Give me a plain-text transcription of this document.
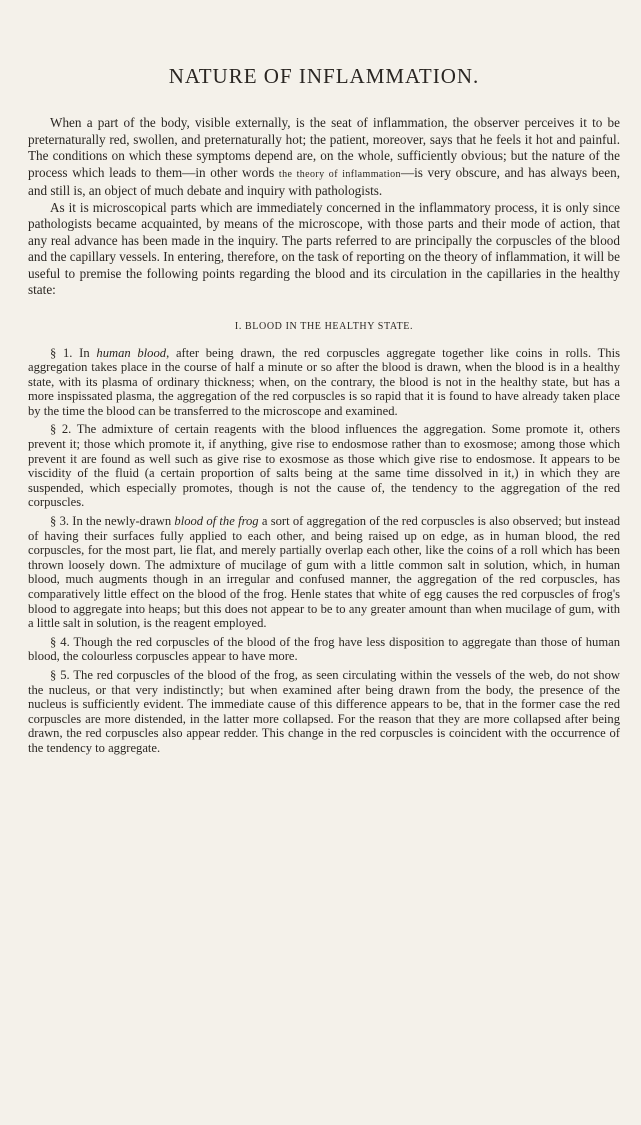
NATURE OF INFLAMMATION.

When a part of the body, visible externally, is the seat of inflammation, the observer perceives it to be preternaturally red, swollen, and preternaturally hot; the patient, moreover, says that he feels it hot and painful. The conditions on which these symptoms depend are, on the whole, sufficiently obvious; but the nature of the process which leads to them—in other words the theory of inflammation—is very obscure, and has always been, and still is, an object of much debate and inquiry with pathologists.

As it is microscopical parts which are immediately concerned in the inflammatory process, it is only since pathologists became acquainted, by means of the microscope, with those parts and their mode of action, that any real advance has been made in the inquiry. The parts referred to are principally the corpuscles of the blood and the capillary vessels. In entering, therefore, on the task of reporting on the theory of inflammation, it will be useful to premise the following points regarding the blood and its circulation in the capillaries in the healthy state:

I. BLOOD IN THE HEALTHY STATE.

§ 1. In human blood, after being drawn, the red corpuscles aggregate together like coins in rolls. This aggregation takes place in the course of half a minute or so after the blood is drawn, when the blood is in a healthy state, with its plasma of ordinary thickness; when, on the contrary, the blood is not in the healthy state, but has a more inspissated plasma, the aggregation of the red corpuscles is so rapid that it is found to have already taken place by the time the blood can be transferred to the microscope and examined.

§ 2. The admixture of certain reagents with the blood influences the aggregation. Some promote it, others prevent it; those which promote it, if anything, give rise to endosmose rather than to exosmose; among those which prevent it are found as well such as give rise to exosmose as those which give rise to endosmose. It appears to be viscidity of the fluid (a certain proportion of salts being at the same time dissolved in it,) in which they are suspended, which especially promotes, though is not the cause of, the tendency to the aggregation of the red corpuscles.

§ 3. In the newly-drawn blood of the frog a sort of aggregation of the red corpuscles is also observed; but instead of having their surfaces fully applied to each other, and being raised up on edge, as in human blood, the red corpuscles, for the most part, lie flat, and merely partially overlap each other, like the coins of a roll which has been thrown loosely down. The admixture of mucilage of gum with a little common salt in solution, which, in human blood, much augments though in an irregular and confused manner, the aggregation of the red corpuscles, has comparatively little effect on the blood of the frog. Henle states that white of egg causes the red corpuscles of frog's blood to aggregate into heaps; but this does not appear to be to any greater amount than when mucilage of gum, with a little salt in solution, is the reagent employed.

§ 4. Though the red corpuscles of the blood of the frog have less disposition to aggregate than those of human blood, the colourless corpuscles appear to have more.

§ 5. The red corpuscles of the blood of the frog, as seen circulating within the vessels of the web, do not show the nucleus, or that very indistinctly; but when examined after being drawn from the body, the presence of the nucleus is sufficiently evident. The immediate cause of this difference appears to be, that in the former case the red corpuscles are more distended, in the latter more collapsed. For the reason that they are more collapsed after being drawn, the red corpuscles also appear redder. This change in the red corpuscles is coincident with the occurrence of the tendency to aggregate.
